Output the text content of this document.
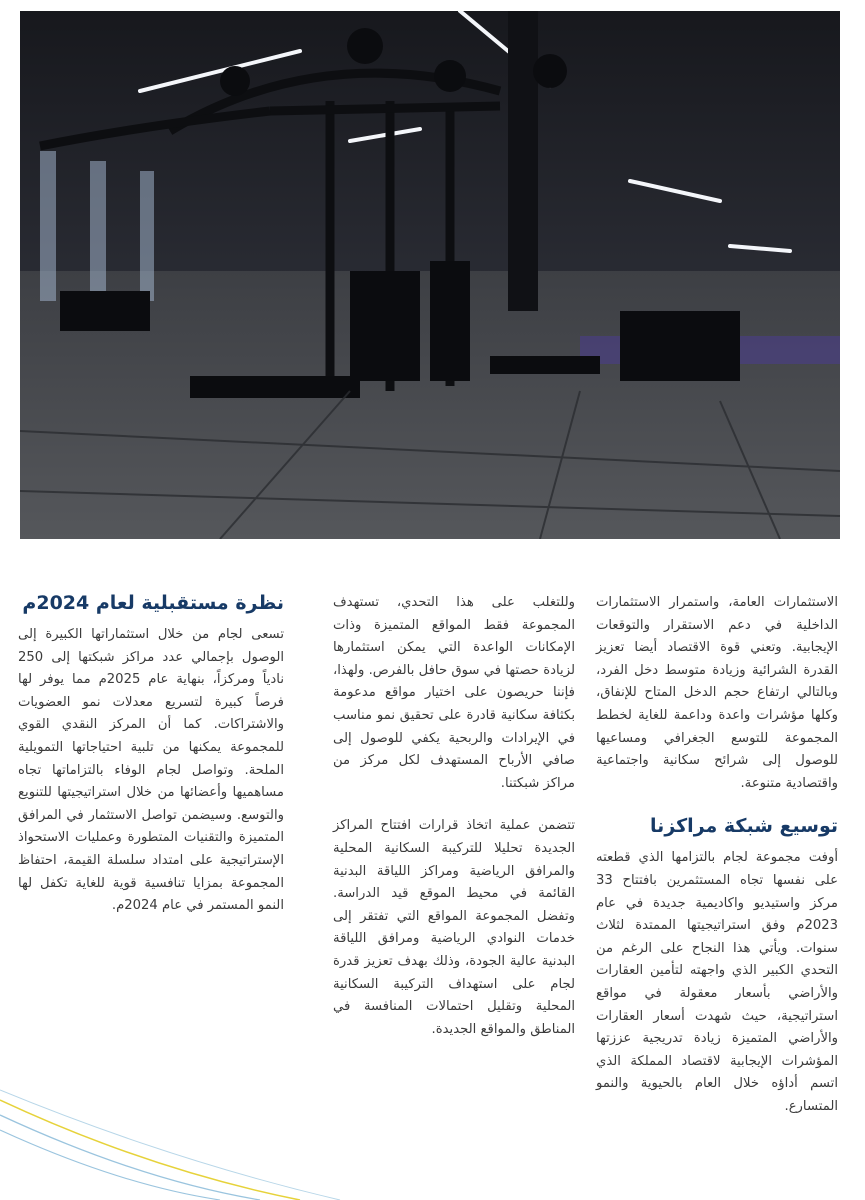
الاستثمارات العامة، واستمرار الاستثمارات الداخلية في دعم الاستقرار والتوقعات الإيجابية. وتعني قوة الاقتصاد أيضا تعزيز القدرة الشرائية وزيادة متوسط دخل الفرد، وبالتالي ارتفاع حجم الدخل المتاح للإنفاق، وكلها مؤشرات واعدة وداعمة للغاية لخطط المجموعة للتوسع الجغرافي ومساعيها للوصول إلى شرائح سكانية واجتماعية واقتصادية متنوعة.

توسيع شبكة مراكزنا

أوفت مجموعة لجام بالتزامها الذي قطعته على نفسها تجاه المستثمرين بافتتاح 33 مركز واستيديو واكاديمية جديدة في عام 2023م وفق استراتيجيتها الممتدة لثلاث سنوات. ويأتي هذا النجاح على الرغم من التحدي الكبير الذي واجهته لتأمين العقارات والأراضي بأسعار معقولة في مواقع استراتيجية، حيث شهدت أسعار العقارات والأراضي المتميزة زيادة تدريجية عززتها المؤشرات الإيجابية لاقتصاد المملكة الذي اتسم أداؤه خلال العام بالحيوية والنمو المتسارع.

وللتغلب على هذا التحدي، تستهدف المجموعة فقط المواقع المتميزة وذات الإمكانات الواعدة التي يمكن استثمارها لزيادة حصتها في سوق حافل بالفرص. ولهذا، فإننا حريصون على اختيار مواقع مدعومة بكثافة سكانية قادرة على تحقيق نمو مناسب في الإيرادات والربحية يكفي للوصول إلى صافي الأرباح المستهدف لكل مركز من مراكز شبكتنا.

تتضمن عملية اتخاذ قرارات افتتاح المراكز الجديدة تحليلا للتركيبة السكانية المحلية والمرافق الرياضية ومراكز اللياقة البدنية القائمة في محيط الموقع قيد الدراسة. وتفضل المجموعة المواقع التي تفتقر إلى خدمات النوادي الرياضية ومرافق اللياقة البدنية عالية الجودة، وذلك بهدف تعزيز قدرة لجام على استهداف التركيبة السكانية المحلية وتقليل احتمالات المنافسة في المناطق والمواقع الجديدة.

نظرة مستقبلية لعام 2024م

تسعى لجام من خلال استثماراتها الكبيرة إلى الوصول بإجمالي عدد مراكز شبكتها إلى 250 نادياً ومركزاً، بنهاية عام 2025م مما يوفر لها فرصاً كبيرة لتسريع معدلات نمو العضويات والاشتراكات. كما أن المركز النقدي القوي للمجموعة يمكنها من تلبية احتياجاتها التمويلية الملحة. وتواصل لجام الوفاء بالتزاماتها تجاه مساهميها وأعضائها من خلال استراتيجيتها للتنويع والتوسع. وسيضمن تواصل الاستثمار في المرافق المتميزة والتقنيات المتطورة وعمليات الاستحواذ الإستراتيجية على امتداد سلسلة القيمة، احتفاظ المجموعة بمزايا تنافسية قوية للغاية تكفل لها النمو المستمر في عام 2024م.
